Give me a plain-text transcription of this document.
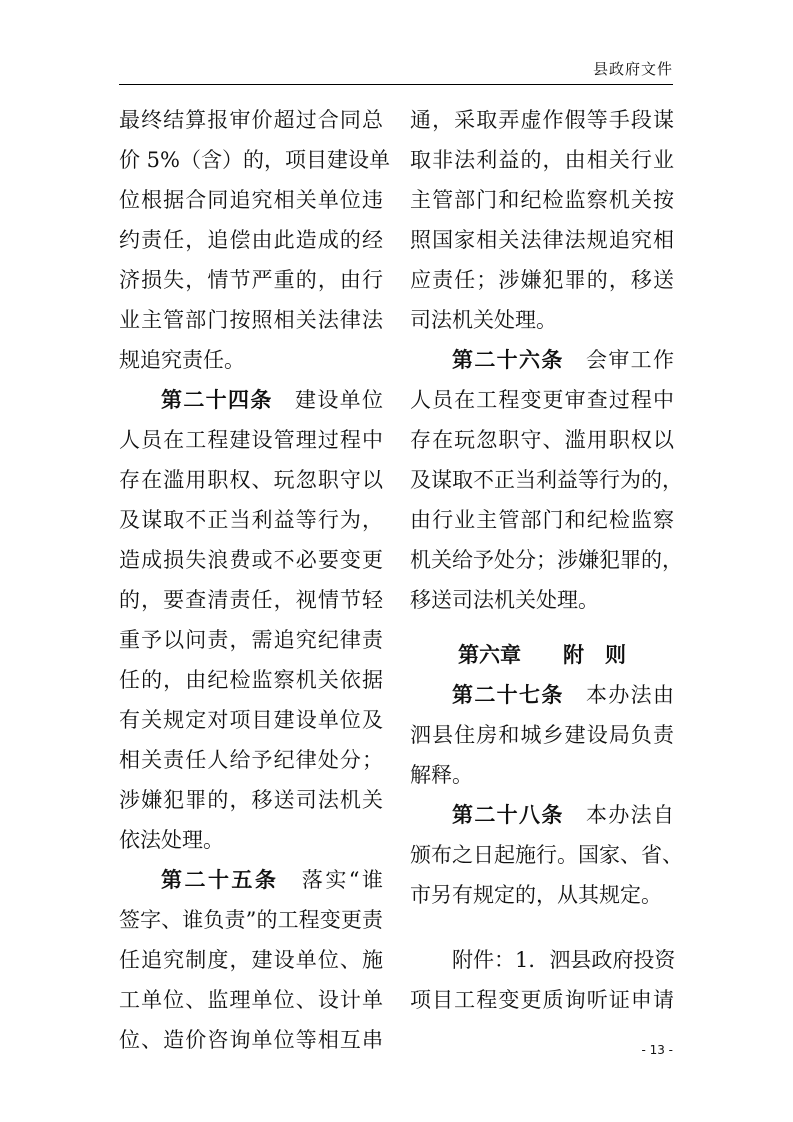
县政府文件
最终结算报审价超过合同总
价 5%（含）的，项目建设单
位根据合同追究相关单位违
约责任，追偿由此造成的经
济损失，情节严重的，由行
业主管部门按照相关法律法
规追究责任。
第二十四条　 建设单位
人员在工程建设管理过程中
存在滥用职权、玩忽职守以
及谋取不正当利益等行为，
造成损失浪费或不必要变更
的，要查清责任，视情节轻
重予以问责，需追究纪律责
任的，由纪检监察机关依据
有关规定对项目建设单位及
相关责任人给予纪律处分；
涉嫌犯罪的，移送司法机关
依法处理。
第二十五条　 落实“谁
签字、谁负责”的工程变更责
任追究制度，建设单位、施
工单位、监理单位、设计单
位、造价咨询单位等相互串
通，采取弄虚作假等手段谋
取非法利益的，由相关行业
主管部门和纪检监察机关按
照国家相关法律法规追究相
应责任；涉嫌犯罪的，移送
司法机关处理。
第二十六条　 会审工作
人员在工程变更审查过程中
存在玩忽职守、滥用职权以
及谋取不正当利益等行为的，
由行业主管部门和纪检监察
机关给予处分；涉嫌犯罪的，
移送司法机关处理。
第六章　　 附　则
第二十七条　 本办法由
泗县住房和城乡建设局负责
解释。
第二十八条　 本办法自
颁布之日起施行。国家、省、
市另有规定的，从其规定。
附件：1．泗县政府投资
项目工程变更质询听证申请
- 13 -
